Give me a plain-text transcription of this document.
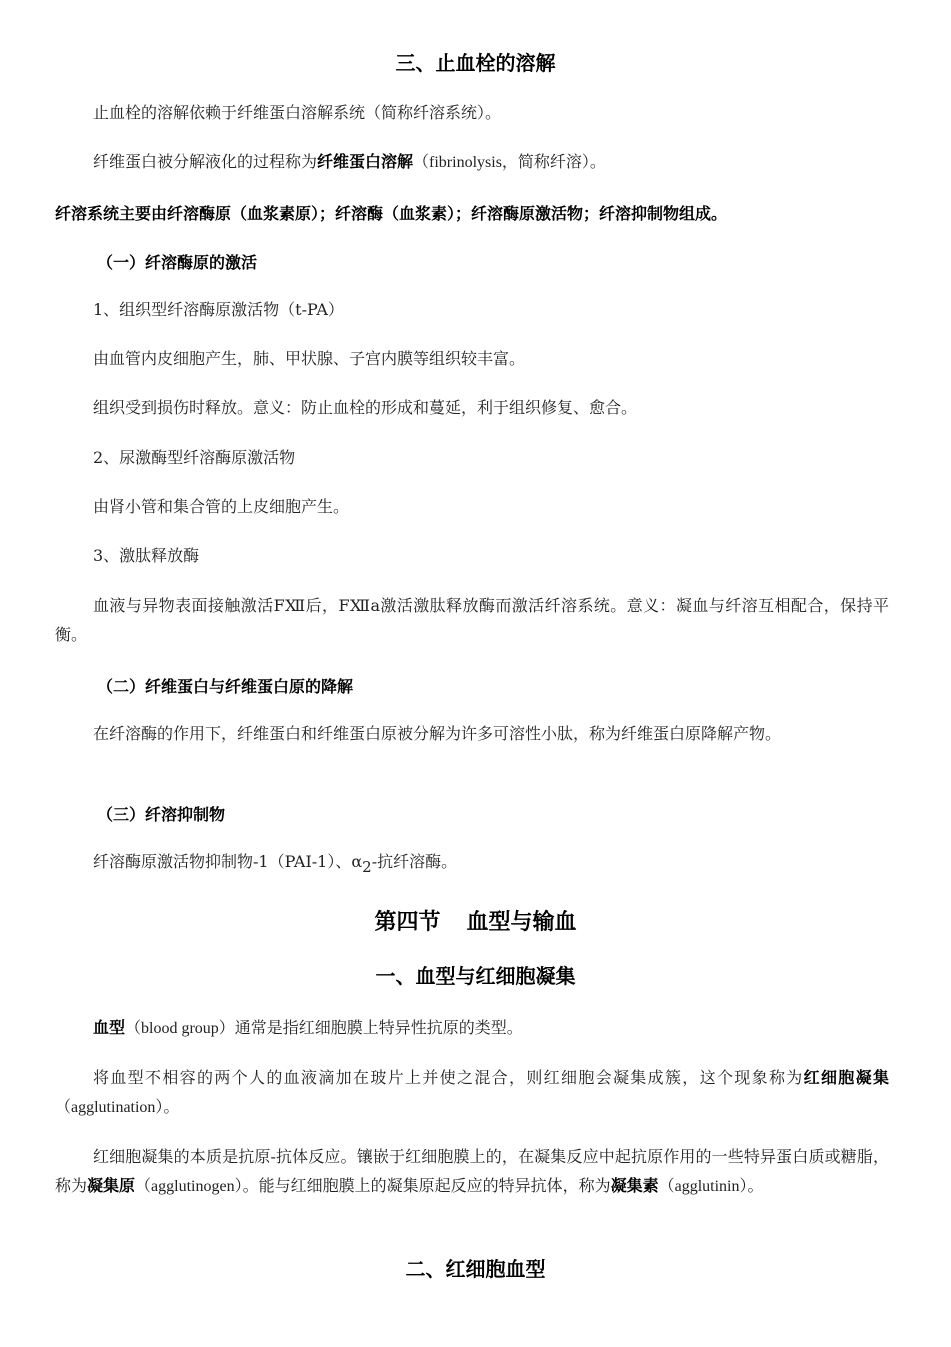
三、止血栓的溶解
止血栓的溶解依赖于纤维蛋白溶解系统（简称纤溶系统）。
纤维蛋白被分解液化的过程称为纤维蛋白溶解（fibrinolysis，简称纤溶）。
纤溶系统主要由纤溶酶原（血浆素原）；纤溶酶（血浆素）；纤溶酶原激活物；纤溶抑制物组成。
（一）纤溶酶原的激活
1、组织型纤溶酶原激活物（t-PA）
由血管内皮细胞产生，肺、甲状腺、子宫内膜等组织较丰富。
组织受到损伤时释放。意义：防止血栓的形成和蔓延，利于组织修复、愈合。
2、尿激酶型纤溶酶原激活物
由肾小管和集合管的上皮细胞产生。
3、激肽释放酶
血液与异物表面接触激活FⅫ后，FⅫa激活激肽释放酶而激活纤溶系统。意义：凝血与纤溶互相配合，保持平衡。
（二）纤维蛋白与纤维蛋白原的降解
在纤溶酶的作用下，纤维蛋白和纤维蛋白原被分解为许多可溶性小肽，称为纤维蛋白原降解产物。
（三）纤溶抑制物
纤溶酶原激活物抑制物-1（PAI-1）、α2-抗纤溶酶。
第四节 血型与输血
一、血型与红细胞凝集
血型（blood group）通常是指红细胞膜上特异性抗原的类型。
将血型不相容的两个人的血液滴加在玻片上并使之混合，则红细胞会凝集成簇，这个现象称为红细胞凝集（agglutination）。
红细胞凝集的本质是抗原-抗体反应。镶嵌于红细胞膜上的，在凝集反应中起抗原作用的一些特异蛋白质或糖脂，称为凝集原（agglutinogen）。能与红细胞膜上的凝集原起反应的特异抗体，称为凝集素（agglutinin）。
二、红细胞血型
